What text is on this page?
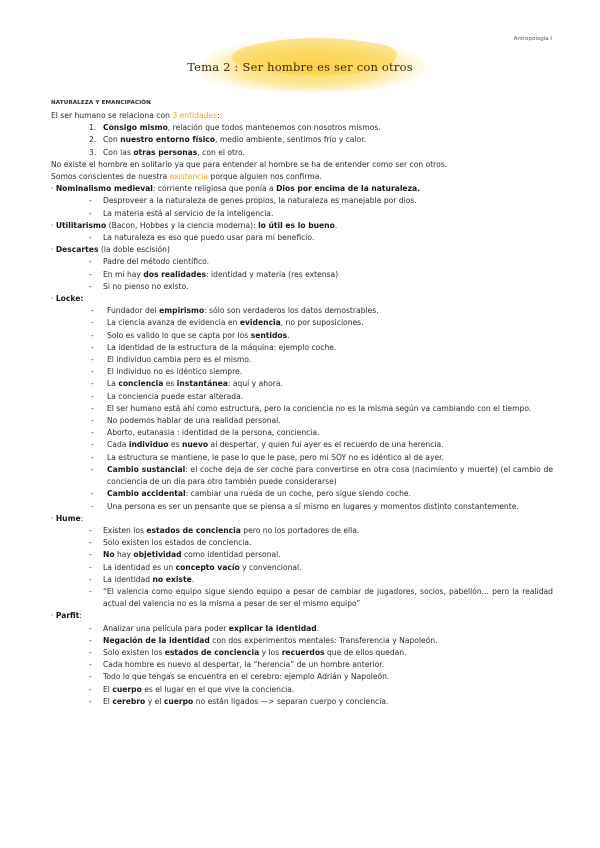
Antropología I
Tema 2 : Ser hombre es ser con otros
NATURALEZA Y EMANCIPACIÓN

El ser humano se relaciona con 3 entidades:

1. Consigo mismo, relación que todos mantenemos con nosotros mismos.
2. Con nuestro entorno físico, medio ambiente, sentimos frío y calor.
3. Con las otras personas, con el otro.

No existe el hombre en solitario ya que para entender al hombre se ha de entender como ser con otros.

Somos conscientes de nuestra existencia porque alguien nos confirma.

· Nominalismo medieval: corriente religiosa que ponía a Dios por encima de la naturaleza.

- Desproveer a la naturaleza de genes propios, la naturaleza es manejable por dios.
- La materia está al servicio de la inteligencia.

· Utilitarismo (Bacon, Hobbes y la ciencia moderna): lo útil es lo bueno.

- La naturaleza es eso que puedo usar para mi beneficio.

· Descartes (la doble escisión)

- Padre del método científico.
- En mi hay dos realidades: identidad y materia (res extensa)
- Si no pienso no existo.

· Locke:

- Fundador del empirismo: sólo son verdaderos los datos demostrables.
- La ciencia avanza de evidencia en evidencia, no por suposiciones.
- Solo es valido lo que se capta por los sentidos.
- La identidad de la estructura de la máquina: ejemplo coche.
- El individuo cambia pero es el mismo.
- El individuo no es idéntico siempre.
- La conciencia es instantánea: aquí y ahora.
- La conciencia puede estar alterada.
- El ser humano está ahí como estructura, pero la conciencia no es la misma según va cambiando con el tiempo.
- No podemos hablar de una realidad personal.
- Aborto, eutanasia : identidad de la persona, conciencia.
- Cada individuo es nuevo al despertar, y quien fui ayer es el recuerdo de una herencia.
- La estructura se mantiene, le pase lo que le pase, pero mi SOY no es idéntico al de ayer.
- Cambio sustancial: el coche deja de ser coche para convertirse en otra cosa (nacimiento y muerte) (el cambio de conciencia de un día para otro también puede considerarse)
- Cambio accidental: cambiar una rueda de un coche, pero sigue siendo coche.
- Una persona es ser un pensante que se piensa a sí mismo en lugares y momentos distinto constantemente.

· Hume:

- Existen los estados de conciencia pero no los portadores de ella.
- Solo existen los estados de conciencia.
- No hay objetividad como identidad personal.
- La identidad es un concepto vacío y convencional.
- La identidad no existe.
- “El valencia como equipo sigue siendo equipo a pesar de cambiar de jugadores, socios, pabellón... pero la realidad actual del valencia no es la misma a pesar de ser el mismo equipo”

· Parfit:

- Analizar una película para poder explicar la identidad.
- Negación de la identidad con dos experimentos mentales: Transferencia y Napoleón.
- Solo existen los estados de conciencia y los recuerdos que de ellos quedan.
- Cada hombre es nuevo al despertar, la “herencia” de un hombre anterior.
- Todo lo que tengas se encuentra en el cerebro: ejemplo Adrián y Napoleón.
- El cuerpo es el lugar en el que vive la conciencia.
- El cerebro y el cuerpo no están ligados —> separan cuerpo y conciencia.
